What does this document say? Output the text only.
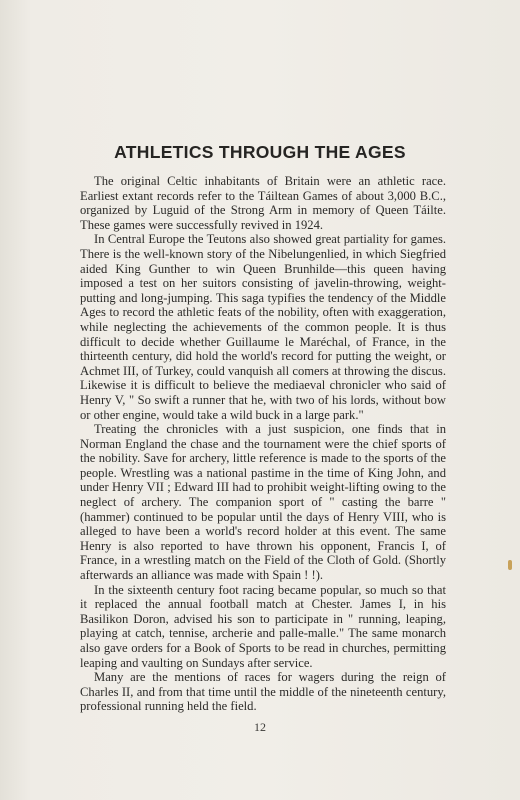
ATHLETICS THROUGH THE AGES

The original Celtic inhabitants of Britain were an athletic race. Earliest extant records refer to the Táiltean Games of about 3,000 B.C., organized by Luguid of the Strong Arm in memory of Queen Táilte. These games were successfully revived in 1924.

In Central Europe the Teutons also showed great partiality for games. There is the well-known story of the Nibelungenlied, in which Siegfried aided King Gunther to win Queen Brunhilde—this queen having imposed a test on her suitors consisting of javelin-throwing, weight-putting and long-jumping. This saga typifies the tendency of the Middle Ages to record the athletic feats of the nobility, often with exaggeration, while neglecting the achievements of the common people. It is thus difficult to decide whether Guillaume le Maréchal, of France, in the thirteenth century, did hold the world's record for putting the weight, or Achmet III, of Turkey, could vanquish all comers at throwing the discus. Likewise it is difficult to believe the mediaeval chronicler who said of Henry V, " So swift a runner that he, with two of his lords, without bow or other engine, would take a wild buck in a large park."

Treating the chronicles with a just suspicion, one finds that in Norman England the chase and the tournament were the chief sports of the nobility. Save for archery, little reference is made to the sports of the people. Wrestling was a national pastime in the time of King John, and under Henry VII ; Edward III had to prohibit weight-lifting owing to the neglect of archery. The companion sport of " casting the barre " (hammer) continued to be popular until the days of Henry VIII, who is alleged to have been a world's record holder at this event. The same Henry is also reported to have thrown his opponent, Francis I, of France, in a wrestling match on the Field of the Cloth of Gold. (Shortly afterwards an alliance was made with Spain ! !).

In the sixteenth century foot racing became popular, so much so that it replaced the annual football match at Chester. James I, in his Basilikon Doron, advised his son to participate in " running, leaping, playing at catch, tennise, archerie and palle-malle." The same monarch also gave orders for a Book of Sports to be read in churches, permitting leaping and vaulting on Sundays after service.

Many are the mentions of races for wagers during the reign of Charles II, and from that time until the middle of the nineteenth century, professional running held the field.

12
